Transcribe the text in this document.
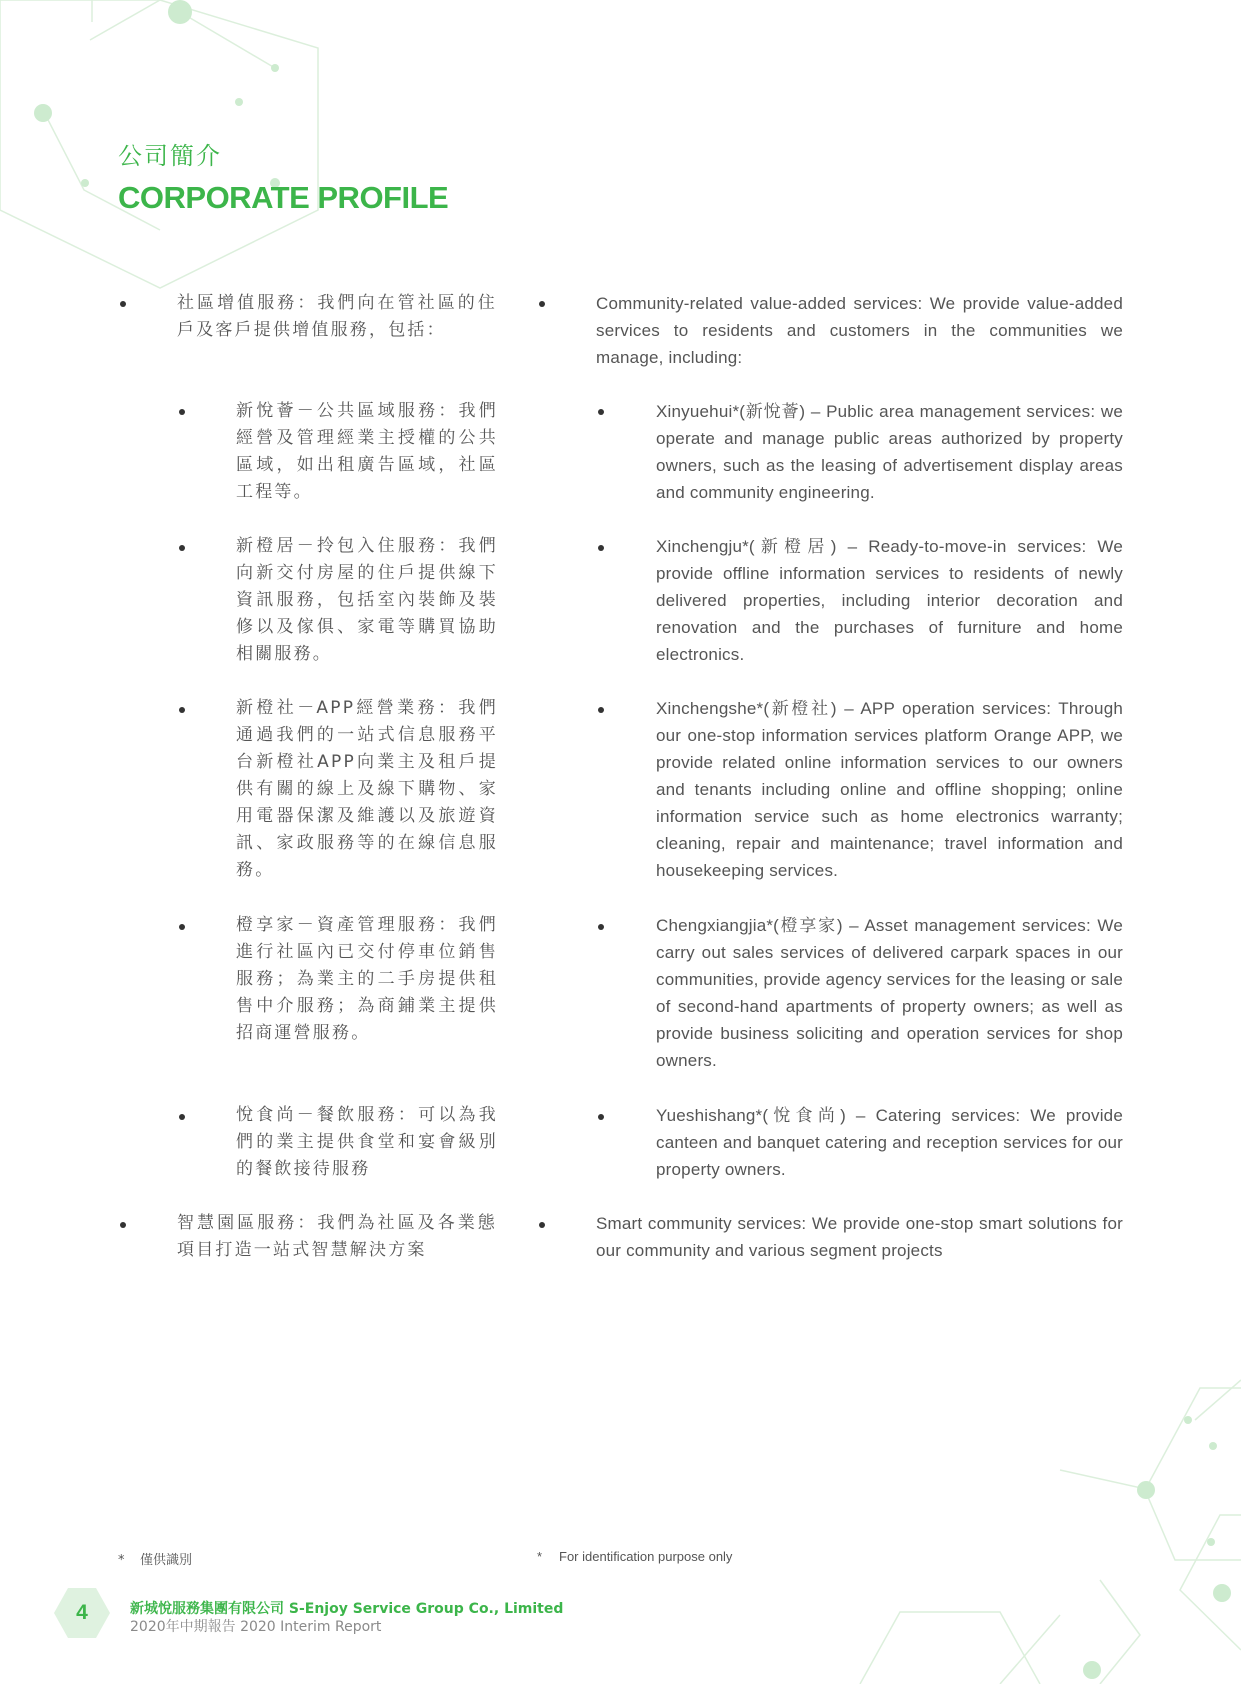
公司簡介
CORPORATE PROFILE
社區增值服務：我們向在管社區的住戶及客戶提供增值服務，包括：
Community-related value-added services: We provide value-added services to residents and customers in the communities we manage, including:
新悅薈－公共區域服務：我們經營及管理經業主授權的公共區域，如出租廣告區域，社區工程等。
Xinyuehui*(新悅薈) – Public area management services: we operate and manage public areas authorized by property owners, such as the leasing of advertisement display areas and community engineering.
新橙居－拎包入住服務：我們向新交付房屋的住戶提供線下資訊服務，包括室內裝飾及裝修以及傢俱、家電等購買協助相關服務。
Xinchengju*(新橙居) – Ready-to-move-in services: We provide offline information services to residents of newly delivered properties, including interior decoration and renovation and the purchases of furniture and home electronics.
新橙社－APP經營業務：我們通過我們的一站式信息服務平台新橙社APP向業主及租戶提供有關的線上及線下購物、家用電器保潔及維護以及旅遊資訊、家政服務等的在線信息服務。
Xinchengshe*(新橙社) – APP operation services: Through our one-stop information services platform Orange APP, we provide related online information services to our owners and tenants including online and offline shopping; online information service such as home electronics warranty; cleaning, repair and maintenance; travel information and housekeeping services.
橙享家－資產管理服務：我們進行社區內已交付停車位銷售服務；為業主的二手房提供租售中介服務；為商鋪業主提供招商運營服務。
Chengxiangjia*(橙享家) – Asset management services: We carry out sales services of delivered carpark spaces in our communities, provide agency services for the leasing or sale of second-hand apartments of property owners; as well as provide business soliciting and operation services for shop owners.
悅食尚－餐飲服務：可以為我們的業主提供食堂和宴會級別的餐飲接待服務
Yueshishang*(悅食尚) – Catering services: We provide canteen and banquet catering and reception services for our property owners.
智慧園區服務：我們為社區及各業態項目打造一站式智慧解決方案
Smart community services: We provide one-stop smart solutions for our community and various segment projects
* 僅供識別	* For identification purpose only
4	新城悅服務集團有限公司 S-Enjoy Service Group Co., Limited
2020年中期報告 2020 Interim Report
